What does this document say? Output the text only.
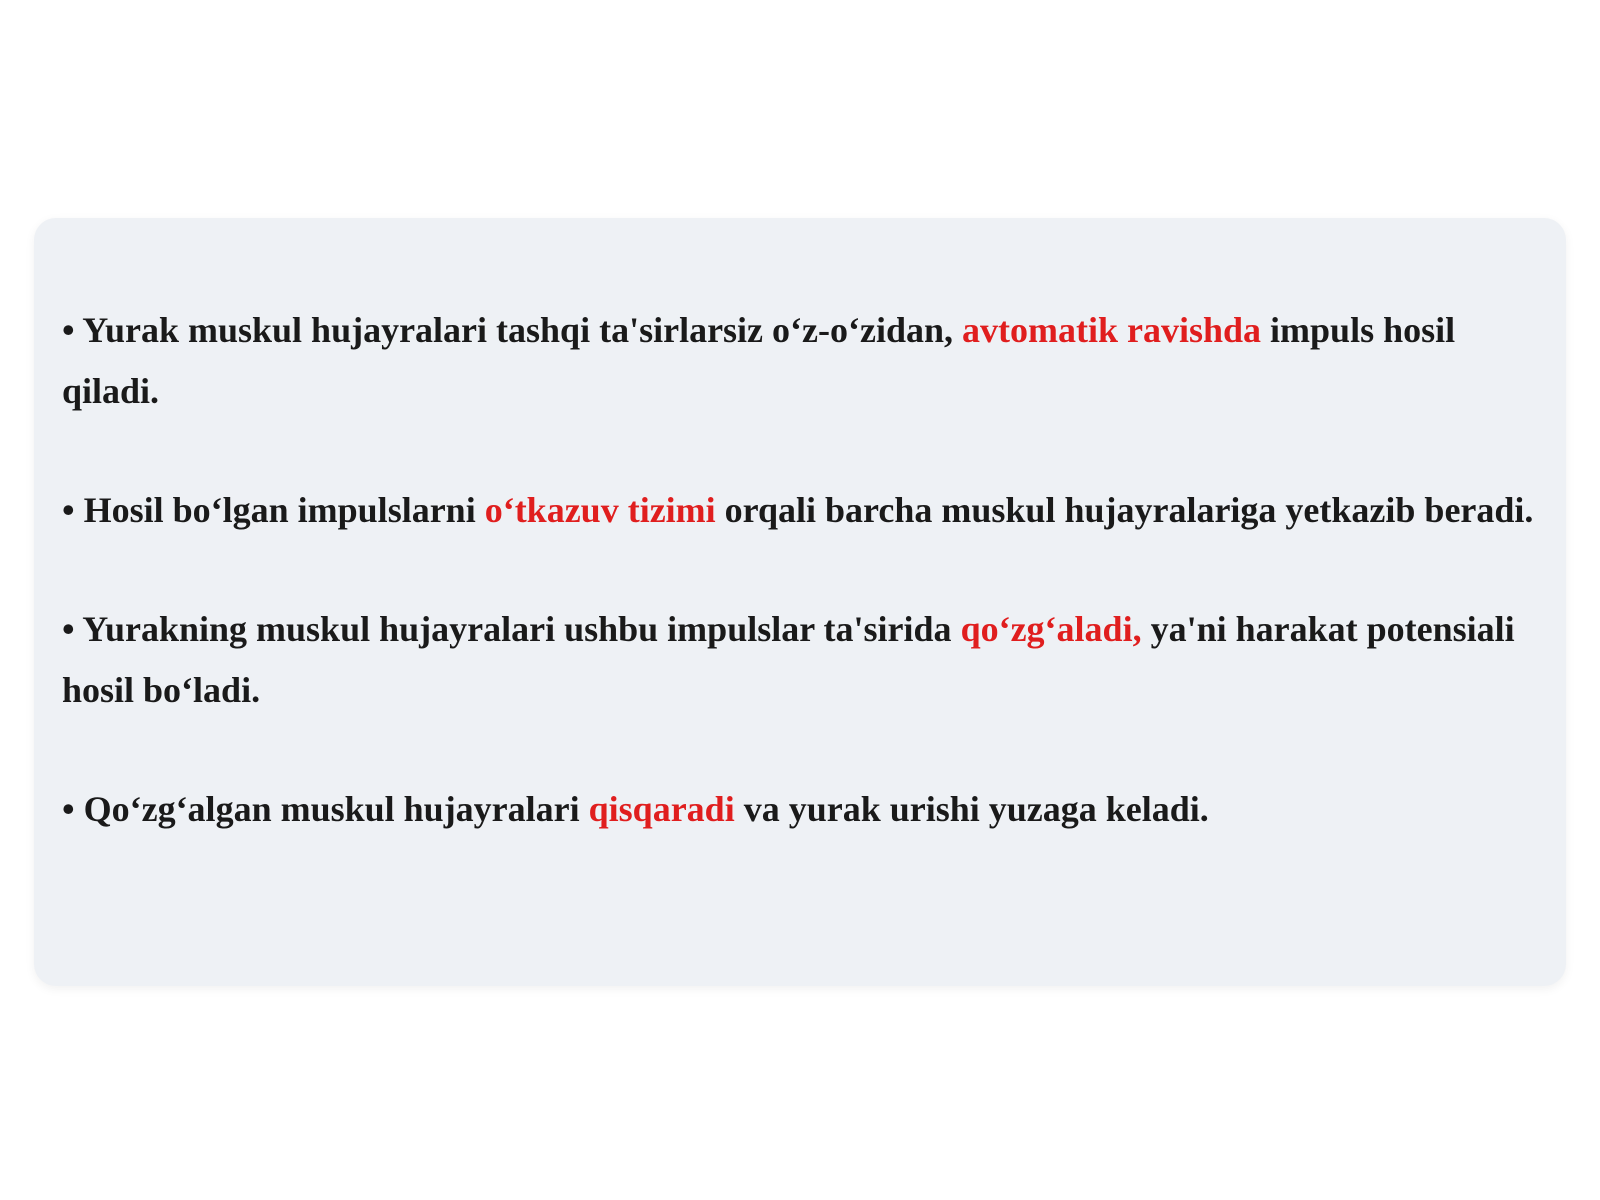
• Yurak muskul hujayralari tashqi ta'sirlarsiz o‘z-o‘zidan, avtomatik ravishda impuls hosil qiladi.
• Hosil bo‘lgan impulslarni o‘tkazuv tizimi orqali barcha muskul hujayralariga yetkazib beradi.
• Yurakning muskul hujayralari ushbu impulslar ta'sirida qo‘zg‘aladi, ya'ni harakat potensiali hosil bo‘ladi.
• Qo‘zg‘algan muskul hujayralari qisqaradi va yurak urishi yuzaga keladi.
